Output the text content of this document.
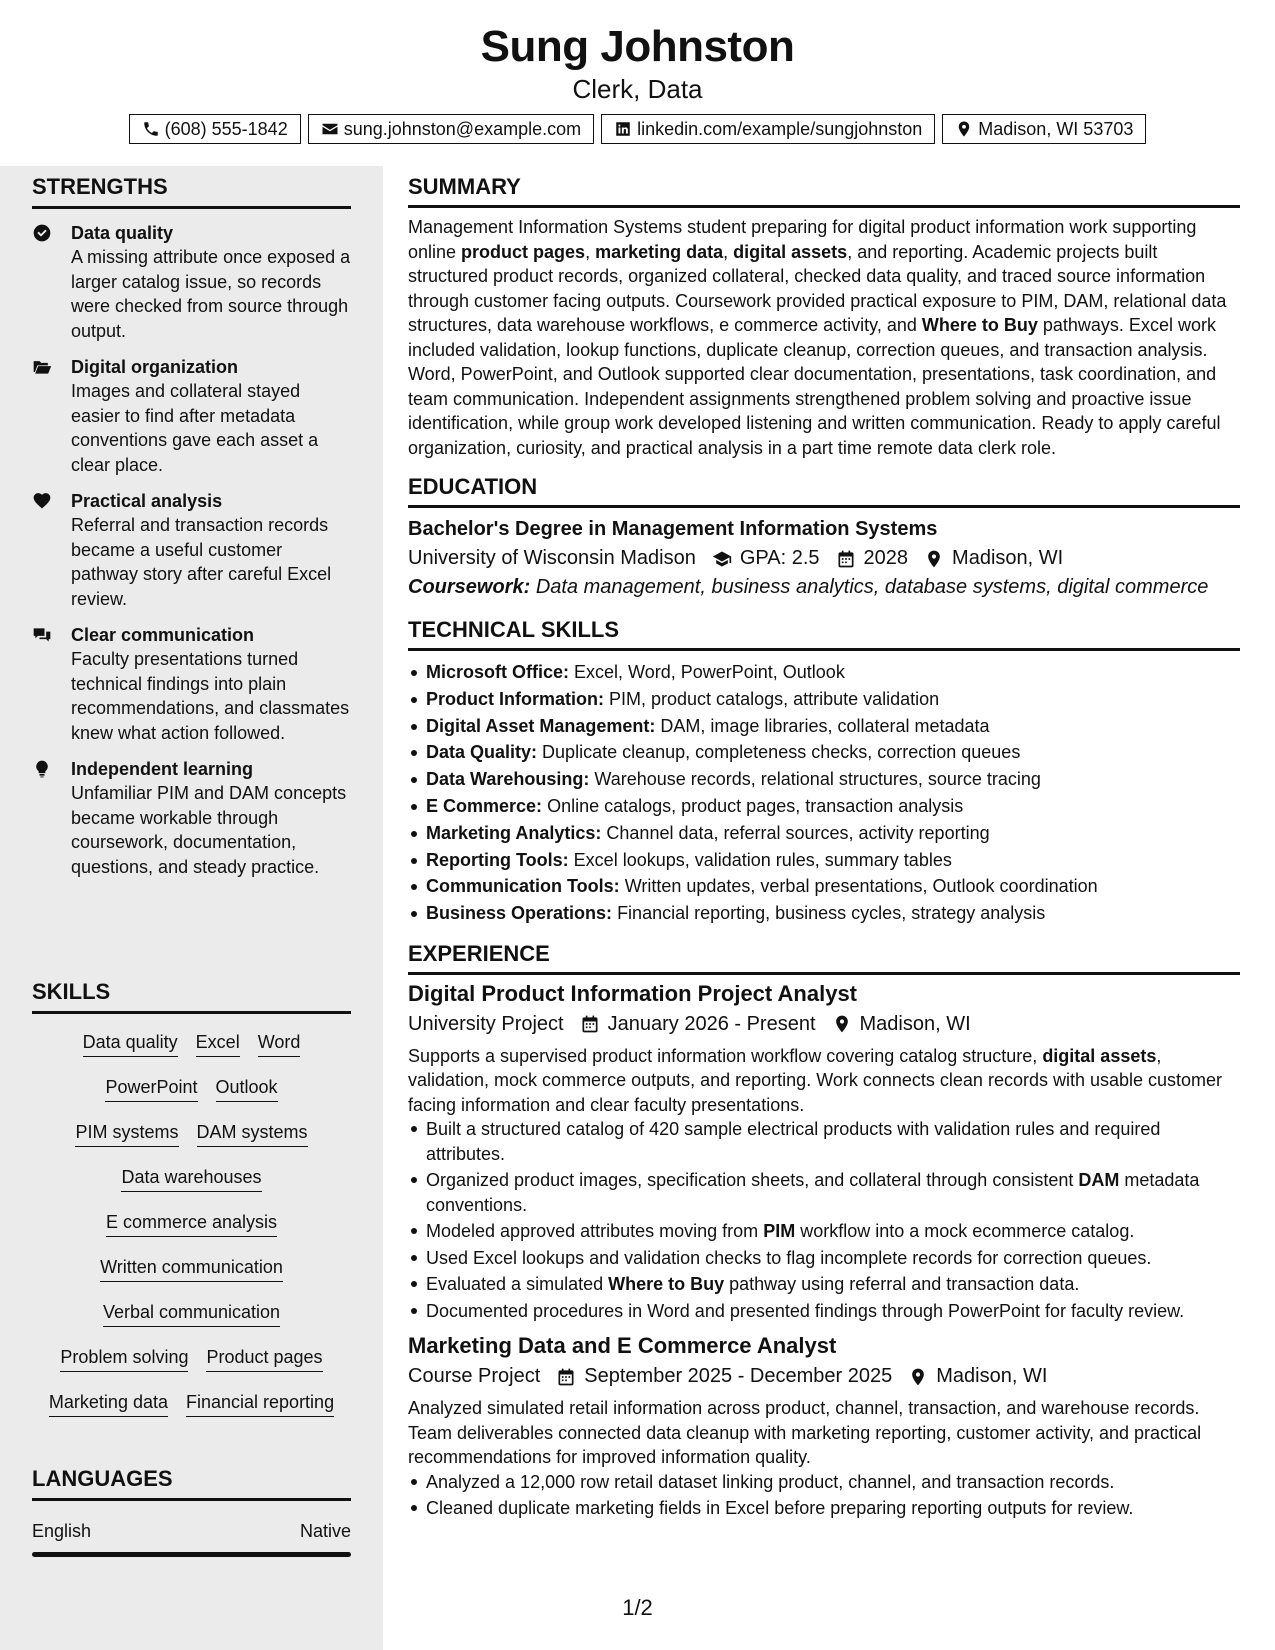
Sung Johnston
Clerk, Data
(608) 555-1842	sung.johnston@example.com	linkedin.com/example/sungjohnston	Madison, WI 53703
STRENGTHS
Data quality
A missing attribute once exposed a larger catalog issue, so records were checked from source through output.
Digital organization
Images and collateral stayed easier to find after metadata conventions gave each asset a clear place.
Practical analysis
Referral and transaction records became a useful customer pathway story after careful Excel review.
Clear communication
Faculty presentations turned technical findings into plain recommendations, and classmates knew what action followed.
Independent learning
Unfamiliar PIM and DAM concepts became workable through coursework, documentation, questions, and steady practice.
SKILLS
Data quality Excel Word
PowerPoint Outlook
PIM systems DAM systems
Data warehouses
E commerce analysis
Written communication
Verbal communication
Problem solving Product pages
Marketing data Financial reporting
LANGUAGES
English	Native
SUMMARY
Management Information Systems student preparing for digital product information work supporting online product pages, marketing data, digital assets, and reporting. Academic projects built structured product records, organized collateral, checked data quality, and traced source information through customer facing outputs. Coursework provided practical exposure to PIM, DAM, relational data structures, data warehouse workflows, e commerce activity, and Where to Buy pathways. Excel work included validation, lookup functions, duplicate cleanup, correction queues, and transaction analysis. Word, PowerPoint, and Outlook supported clear documentation, presentations, task coordination, and team communication. Independent assignments strengthened problem solving and proactive issue identification, while group work developed listening and written communication. Ready to apply careful organization, curiosity, and practical analysis in a part time remote data clerk role.
EDUCATION
Bachelor's Degree in Management Information Systems
University of Wisconsin Madison GPA: 2.5 2028 Madison, WI
Coursework: Data management, business analytics, database systems, digital commerce
TECHNICAL SKILLS
Microsoft Office: Excel, Word, PowerPoint, Outlook
Product Information: PIM, product catalogs, attribute validation
Digital Asset Management: DAM, image libraries, collateral metadata
Data Quality: Duplicate cleanup, completeness checks, correction queues
Data Warehousing: Warehouse records, relational structures, source tracing
E Commerce: Online catalogs, product pages, transaction analysis
Marketing Analytics: Channel data, referral sources, activity reporting
Reporting Tools: Excel lookups, validation rules, summary tables
Communication Tools: Written updates, verbal presentations, Outlook coordination
Business Operations: Financial reporting, business cycles, strategy analysis
EXPERIENCE
Digital Product Information Project Analyst
University Project January 2026 - Present Madison, WI
Supports a supervised product information workflow covering catalog structure, digital assets, validation, mock commerce outputs, and reporting. Work connects clean records with usable customer facing information and clear faculty presentations.
Built a structured catalog of 420 sample electrical products with validation rules and required attributes.
Organized product images, specification sheets, and collateral through consistent DAM metadata conventions.
Modeled approved attributes moving from PIM workflow into a mock ecommerce catalog.
Used Excel lookups and validation checks to flag incomplete records for correction queues.
Evaluated a simulated Where to Buy pathway using referral and transaction data.
Documented procedures in Word and presented findings through PowerPoint for faculty review.
Marketing Data and E Commerce Analyst
Course Project September 2025 - December 2025 Madison, WI
Analyzed simulated retail information across product, channel, transaction, and warehouse records. Team deliverables connected data cleanup with marketing reporting, customer activity, and practical recommendations for improved information quality.
Analyzed a 12,000 row retail dataset linking product, channel, and transaction records.
Cleaned duplicate marketing fields in Excel before preparing reporting outputs for review.
1/2
